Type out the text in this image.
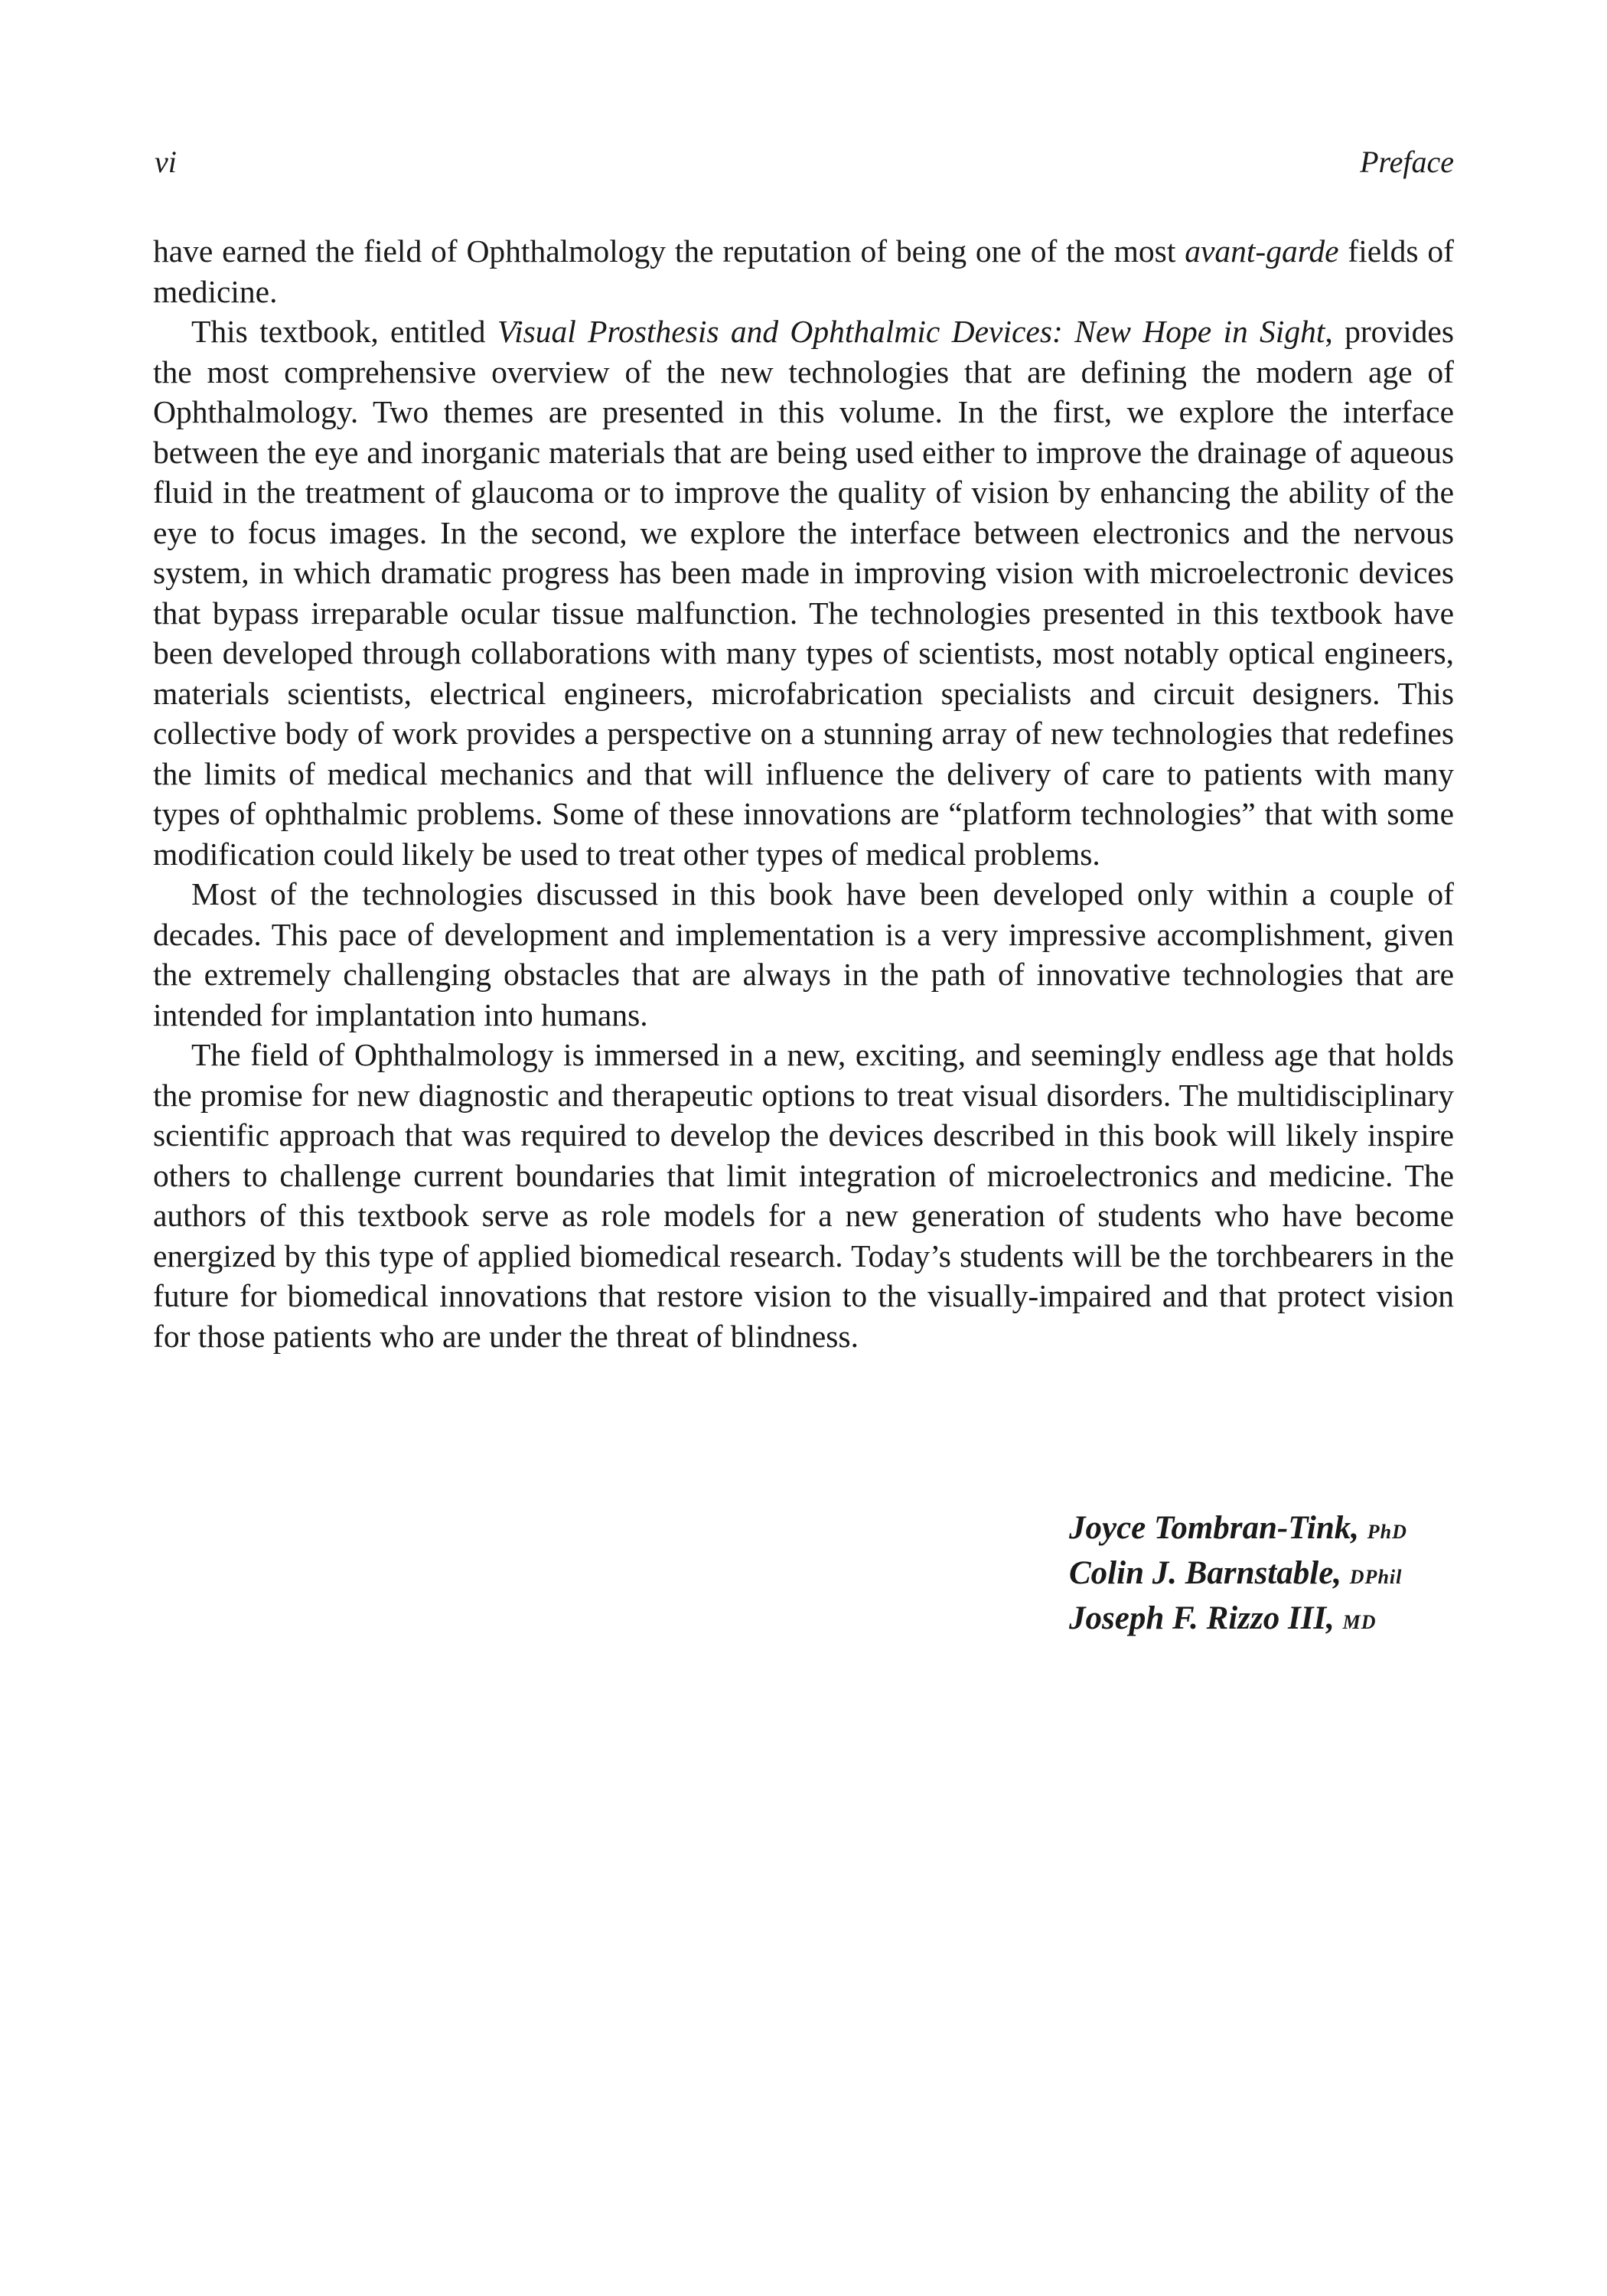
vi	Preface

have earned the field of Ophthalmology the reputation of being one of the most avant-garde fields of medicine.

This textbook, entitled Visual Prosthesis and Ophthalmic Devices: New Hope in Sight, provides the most comprehensive overview of the new technologies that are defining the modern age of Ophthalmology. Two themes are presented in this volume. In the first, we explore the interface between the eye and inorganic materials that are being used either to improve the drainage of aqueous fluid in the treatment of glaucoma or to improve the quality of vision by enhancing the ability of the eye to focus images. In the second, we explore the interface between electronics and the nervous system, in which dramatic progress has been made in improving vision with microelectronic devices that bypass irreparable ocular tissue malfunction. The technologies presented in this textbook have been developed through collaborations with many types of scientists, most notably optical engineers, materials scientists, electrical engineers, microfabrication specialists and circuit designers. This collective body of work provides a perspective on a stunning array of new technologies that redefines the limits of medical mechanics and that will influence the delivery of care to patients with many types of ophthalmic problems. Some of these innovations are “platform technologies” that with some modification could likely be used to treat other types of medical problems.

Most of the technologies discussed in this book have been developed only within a couple of decades. This pace of development and implementation is a very impressive accomplishment, given the extremely challenging obstacles that are always in the path of innovative technologies that are intended for implantation into humans.

The field of Ophthalmology is immersed in a new, exciting, and seemingly endless age that holds the promise for new diagnostic and therapeutic options to treat visual disorders. The multidisciplinary scientific approach that was required to develop the devices described in this book will likely inspire others to challenge current boundaries that limit integration of microelectronics and medicine. The authors of this textbook serve as role models for a new generation of students who have become energized by this type of applied biomedical research. Today’s students will be the torchbearers in the future for biomedical innovations that restore vision to the visually-impaired and that protect vision for those patients who are under the threat of blindness.

Joyce Tombran-Tink, PhD
Colin J. Barnstable, DPhil
Joseph F. Rizzo III, MD
